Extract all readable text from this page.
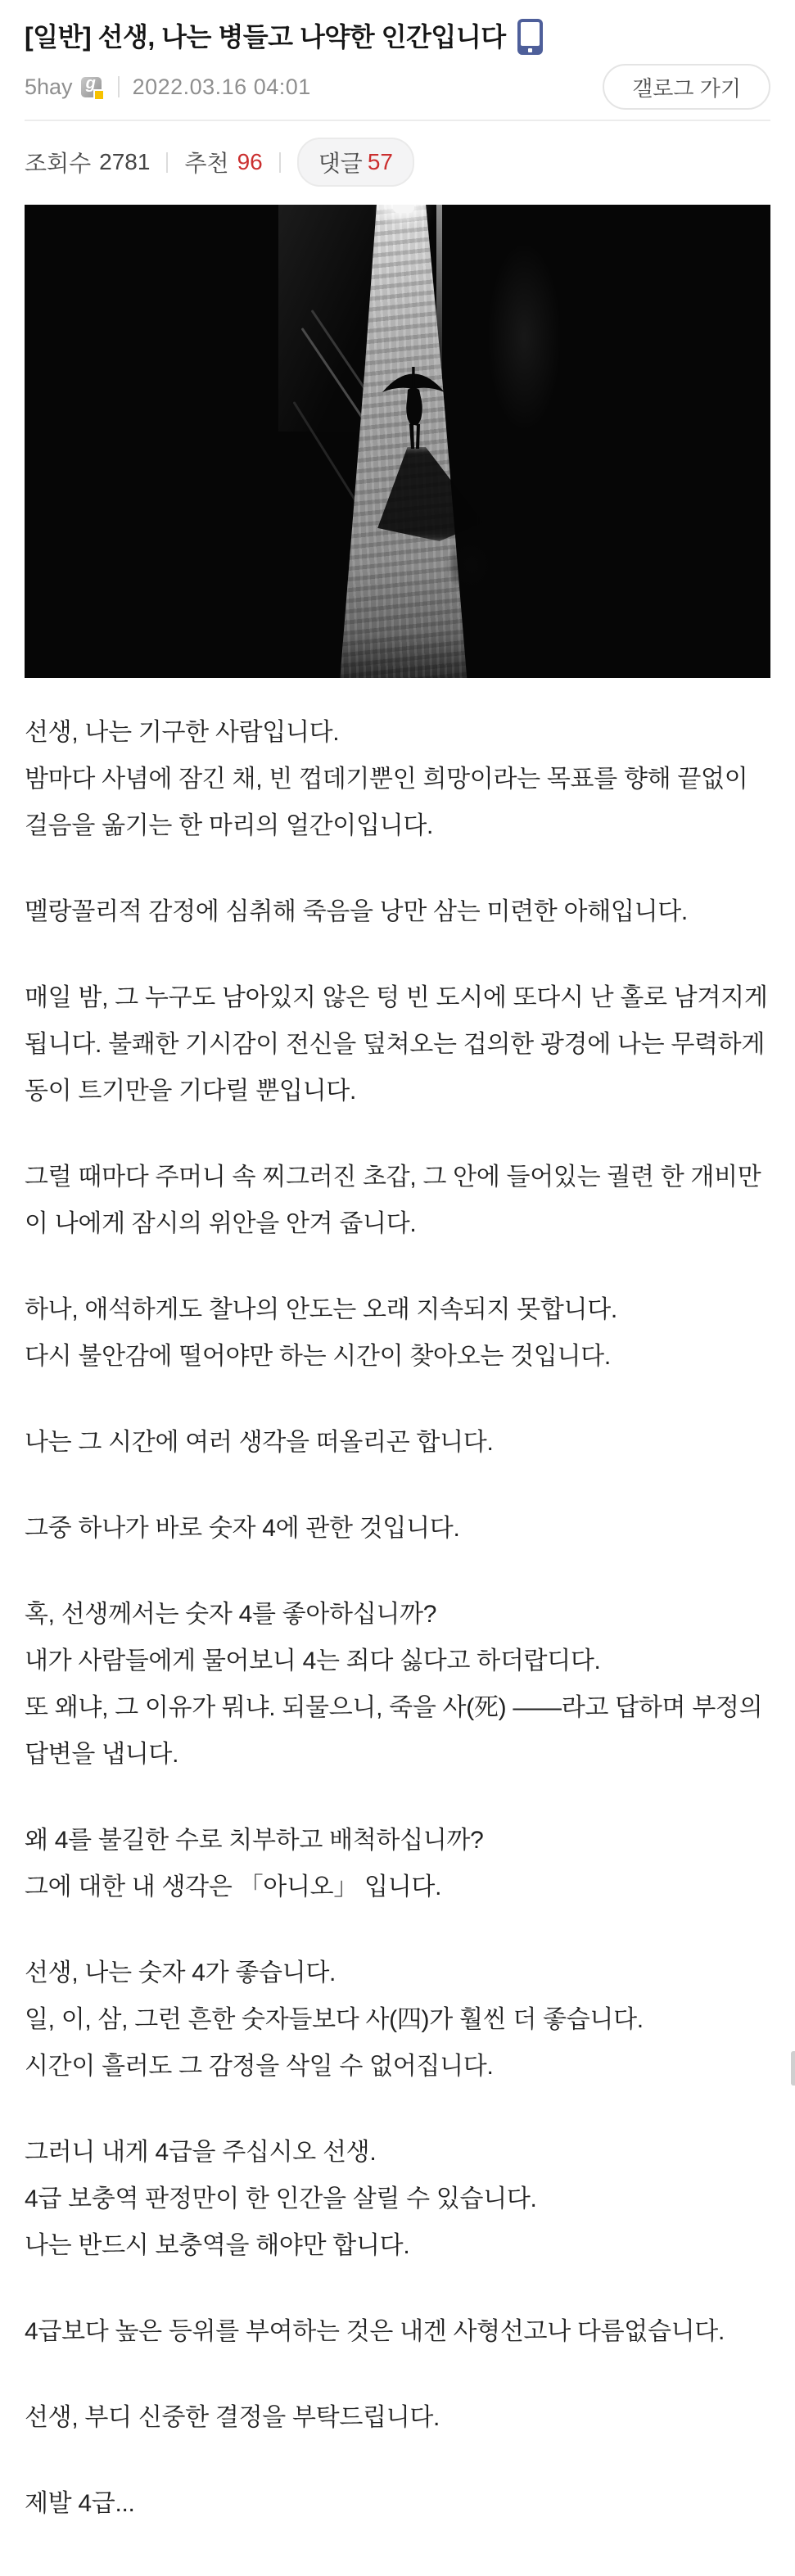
[일반] 선생, 나는 병들고 나약한 인간입니다
5hay g	2022.03.16 04:01	갤로그 가기
조회수 2781 추천 96 댓글 57
선생, 나는 기구한 사람입니다.
밤마다 사념에 잠긴 채, 빈 껍데기뿐인 희망이라는 목표를 향해 끝없이 걸음을 옮기는 한 마리의 얼간이입니다.
멜랑꼴리적 감정에 심취해 죽음을 낭만 삼는 미련한 아해입니다.
매일 밤, 그 누구도 남아있지 않은 텅 빈 도시에 또다시 난 홀로 남겨지게 됩니다. 불쾌한 기시감이 전신을 덮쳐오는 겁의한 광경에 나는 무력하게 동이 트기만을 기다릴 뿐입니다.
그럴 때마다 주머니 속 찌그러진 초갑, 그 안에 들어있는 궐련 한 개비만이 나에게 잠시의 위안을 안겨 줍니다.
하나, 애석하게도 찰나의 안도는 오래 지속되지 못합니다.
다시 불안감에 떨어야만 하는 시간이 찾아오는 것입니다.
나는 그 시간에 여러 생각을 떠올리곤 합니다.
그중 하나가 바로 숫자 4에 관한 것입니다.
혹, 선생께서는 숫자 4를 좋아하십니까?
내가 사람들에게 물어보니 4는 죄다 싫다고 하더랍디다.
또 왜냐, 그 이유가 뭐냐. 되물으니, 죽을 사(死) ——라고 답하며 부정의 답변을 냅니다.
왜 4를 불길한 수로 치부하고 배척하십니까?
그에 대한 내 생각은 「아니오」 입니다.
선생, 나는 숫자 4가 좋습니다.
일, 이, 삼, 그런 흔한 숫자들보다 사(四)가 훨씬 더 좋습니다.
시간이 흘러도 그 감정을 삭일 수 없어집니다.
그러니 내게 4급을 주십시오 선생.
4급 보충역 판정만이 한 인간을 살릴 수 있습니다.
나는 반드시 보충역을 해야만 합니다.
4급보다 높은 등위를 부여하는 것은 내겐 사형선고나 다름없습니다.
선생, 부디 신중한 결정을 부탁드립니다.
제발 4급...
